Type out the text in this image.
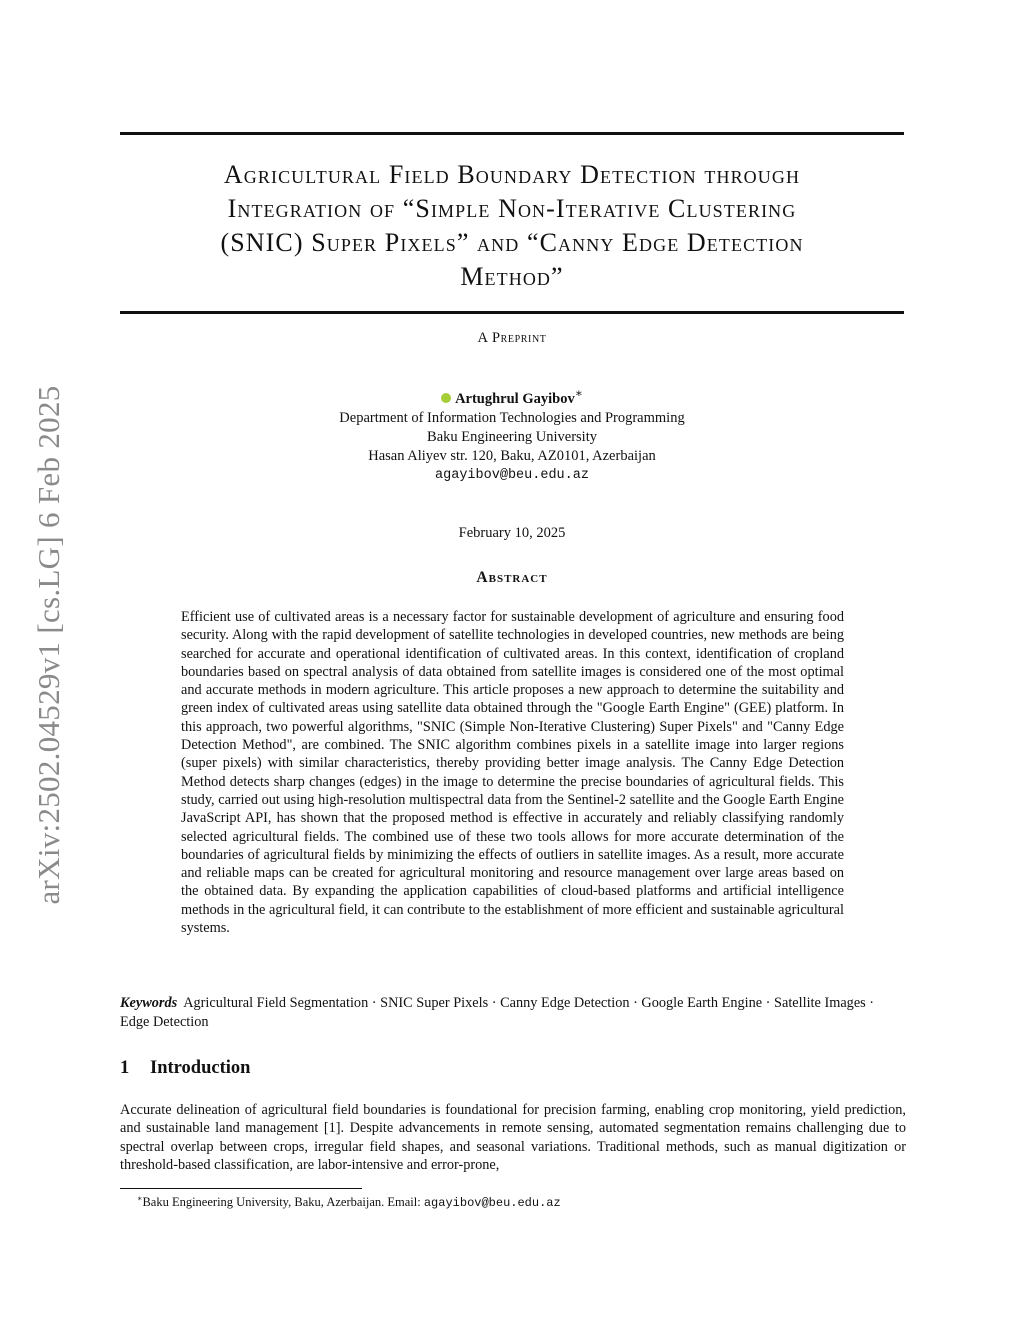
arXiv:2502.04529v1 [cs.LG] 6 Feb 2025
Agricultural Field Boundary Detection through
Integration of “Simple Non-Iterative Clustering
(SNIC) Super Pixels” and “Canny Edge Detection
Method”
A Preprint
Artughrul Gayibov∗
Department of Information Technologies and Programming
Baku Engineering University
Hasan Aliyev str. 120, Baku, AZ0101, Azerbaijan
agayibov@beu.edu.az
February 10, 2025
Abstract

Efficient use of cultivated areas is a necessary factor for sustainable development of agriculture and ensuring food security. Along with the rapid development of satellite technologies in developed countries, new methods are being searched for accurate and operational identification of cultivated areas. In this context, identification of cropland boundaries based on spectral analysis of data obtained from satellite images is considered one of the most optimal and accurate methods in modern agriculture. This article proposes a new approach to determine the suitability and green index of cultivated areas using satellite data obtained through the "Google Earth Engine" (GEE) platform. In this approach, two powerful algorithms, "SNIC (Simple Non-Iterative Clustering) Super Pixels" and "Canny Edge Detection Method", are combined. The SNIC algorithm combines pixels in a satellite image into larger regions (super pixels) with similar characteristics, thereby providing better image analysis. The Canny Edge Detection Method detects sharp changes (edges) in the image to determine the precise boundaries of agricultural fields. This study, carried out using high-resolution multispectral data from the Sentinel-2 satellite and the Google Earth Engine JavaScript API, has shown that the proposed method is effective in accurately and reliably classifying randomly selected agricultural fields. The combined use of these two tools allows for more accurate determination of the boundaries of agricultural fields by minimizing the effects of outliers in satellite images. As a result, more accurate and reliable maps can be created for agricultural monitoring and resource management over large areas based on the obtained data. By expanding the application capabilities of cloud-based platforms and artificial intelligence methods in the agricultural field, it can contribute to the establishment of more efficient and sustainable agricultural systems.

Keywords Agricultural Field Segmentation · SNIC Super Pixels · Canny Edge Detection · Google Earth Engine · Satellite Images · Edge Detection

1 Introduction

Accurate delineation of agricultural field boundaries is foundational for precision farming, enabling crop monitoring, yield prediction, and sustainable land management [1]. Despite advancements in remote sensing, automated segmentation remains challenging due to spectral overlap between crops, irregular field shapes, and seasonal variations. Traditional methods, such as manual digitization or threshold-based classification, are labor-intensive and error-prone,

∗Baku Engineering University, Baku, Azerbaijan. Email: agayibov@beu.edu.az
